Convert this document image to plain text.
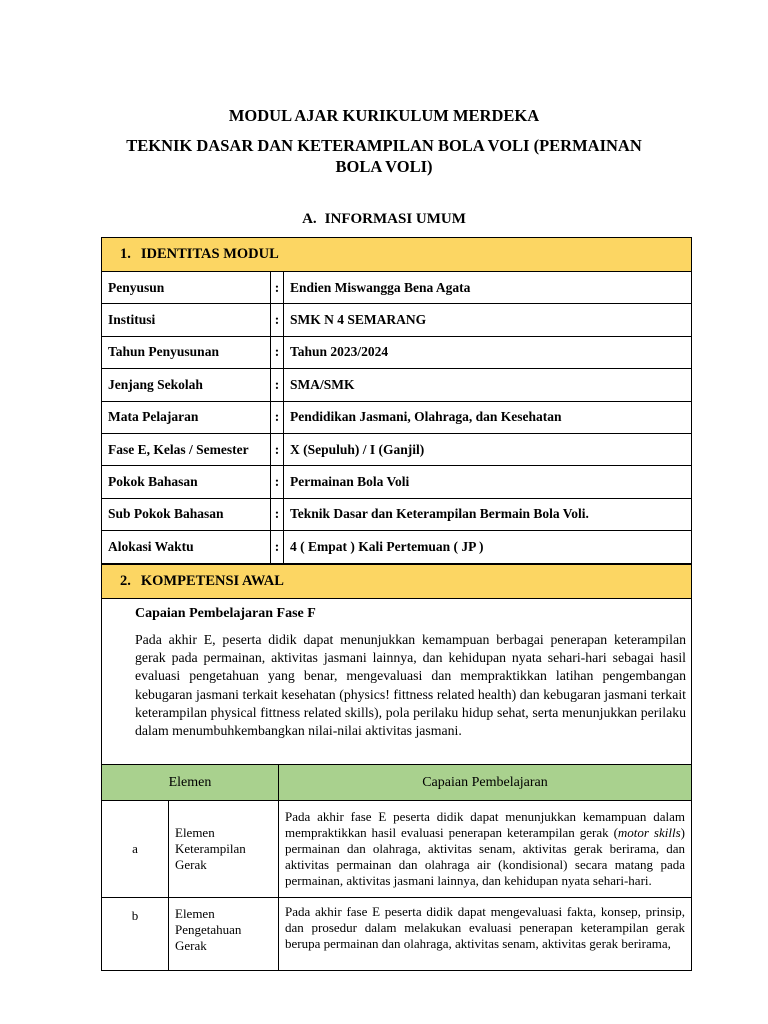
MODUL AJAR KURIKULUM MERDEKA
TEKNIK DASAR DAN KETERAMPILAN BOLA VOLI (PERMAINAN
BOLA VOLI)
A. INFORMASI UMUM
1. IDENTITAS MODUL		
Penyusun	:	Endien Miswangga Bena Agata
Institusi	:	SMK N 4 SEMARANG
Tahun Penyusunan	:	Tahun 2023/2024
Jenjang Sekolah	:	SMA/SMK
Mata Pelajaran	:	Pendidikan Jasmani, Olahraga, dan Kesehatan
Fase E, Kelas / Semester	:	X (Sepuluh) / I (Ganjil)
Pokok Bahasan	:	Permainan Bola Voli
Sub Pokok Bahasan	:	Teknik Dasar dan Keterampilan Bermain Bola Voli.
Alokasi Waktu	:	4 ( Empat ) Kali Pertemuan ( JP )
2. KOMPETENSI AWAL
Capaian Pembelajaran Fase F
Pada akhir E, peserta didik dapat menunjukkan kemampuan berbagai penerapan keterampilan gerak pada permainan, aktivitas jasmani lainnya, dan kehidupan nyata sehari-hari sebagai hasil evaluasi pengetahuan yang benar, mengevaluasi dan mempraktikkan latihan pengembangan kebugaran jasmani terkait kesehatan (physics! fittness related health) dan kebugaran jasmani terkait keterampilan physical fittness related skills), pola perilaku hidup sehat, serta menunjukkan perilaku dalam menumbuhkembangkan nilai-nilai aktivitas jasmani.
Elemen		Capaian Pembelajaran
a	Elemen Keterampilan Gerak	Pada akhir fase E peserta didik dapat menunjukkan kemampuan dalam mempraktikkan hasil evaluasi penerapan keterampilan gerak (motor skills) permainan dan olahraga, aktivitas senam, aktivitas gerak berirama, dan aktivitas permainan dan olahraga air (kondisional) secara matang pada permainan, aktivitas jasmani lainnya, dan kehidupan nyata sehari-hari.
b	Elemen Pengetahuan Gerak	Pada akhir fase E peserta didik dapat mengevaluasi fakta, konsep, prinsip, dan prosedur dalam melakukan evaluasi penerapan keterampilan gerak berupa permainan dan olahraga, aktivitas senam, aktivitas gerak berirama,
